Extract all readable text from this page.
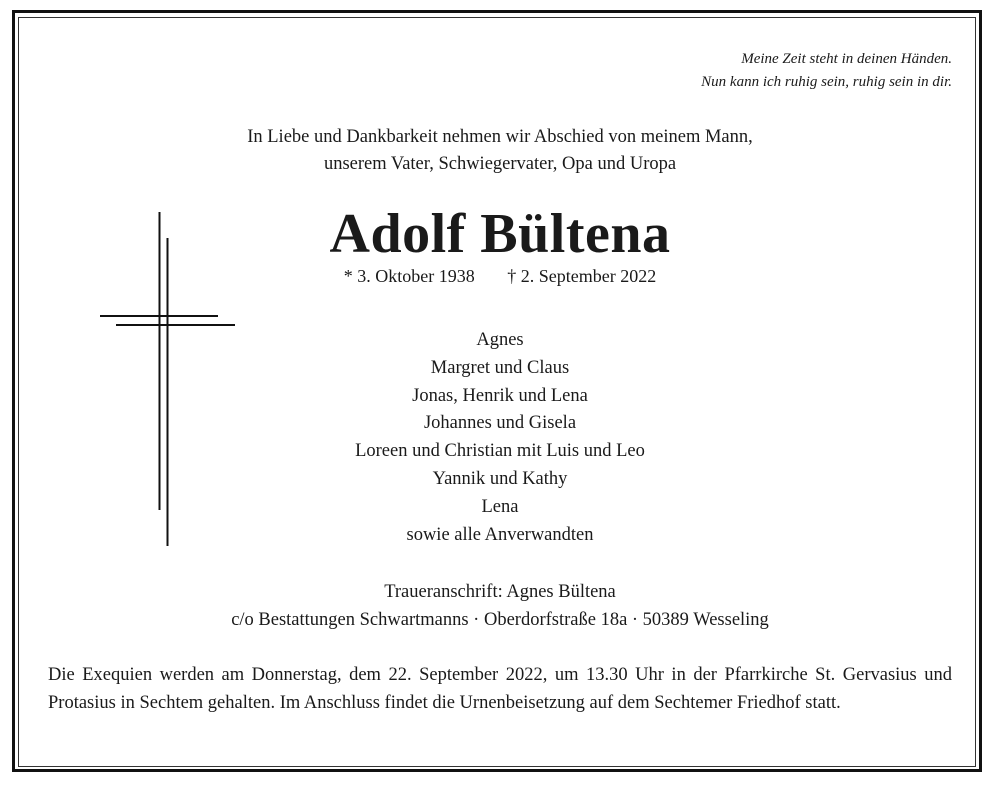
Meine Zeit steht in deinen Händen.
Nun kann ich ruhig sein, ruhig sein in dir.
In Liebe und Dankbarkeit nehmen wir Abschied von meinem Mann,
unserem Vater, Schwiegervater, Opa und Uropa
Adolf Bültena
* 3. Oktober 1938 † 2. September 2022
Agnes
Margret und Claus
Jonas, Henrik und Lena
Johannes und Gisela
Loreen und Christian mit Luis und Leo
Yannik und Kathy
Lena
sowie alle Anverwandten
Traueranschrift: Agnes Bültena
c/o Bestattungen Schwartmanns · Oberdorfstraße 18a · 50389 Wesseling
Die Exequien werden am Donnerstag, dem 22. September 2022, um 13.30 Uhr in der Pfarrkirche St. Gervasius und Protasius in Sechtem gehalten. Im Anschluss findet die Urnenbeisetzung auf dem Sechtemer Friedhof statt.
